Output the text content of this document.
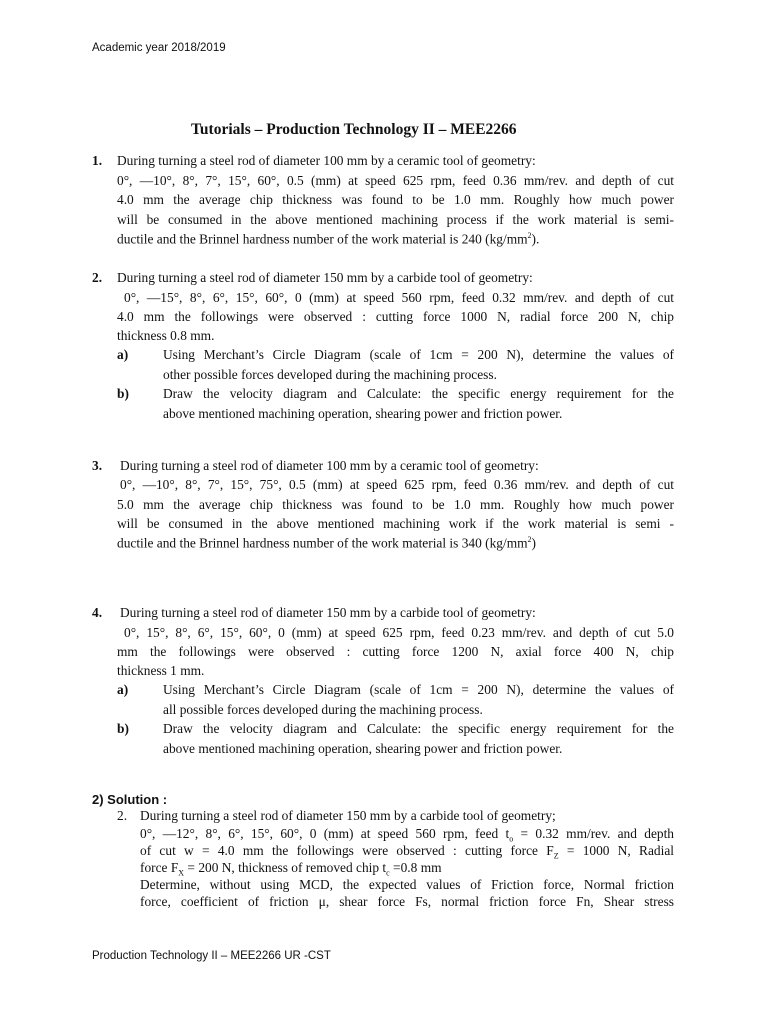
Academic year 2018/2019
Tutorials – Production Technology II – MEE2266
1. During turning a steel rod of diameter 100 mm by a ceramic tool of geometry:
0°, —10°, 8°, 7°, 15°, 60°, 0.5 (mm) at speed 625 rpm, feed 0.36 mm/rev. and depth of cut
4.0 mm the average chip thickness was found to be 1.0 mm. Roughly how much power
will be consumed in the above mentioned machining process if the work material is semi-
ductile and the Brinnel hardness number of the work material is 240 $(kg/mm^2)$.
2. During turning a steel rod of diameter 150 mm by a carbide tool of geometry:
0°, —15°, 8°, 6°, 15°, 60°, 0 (mm) at speed 560 rpm, feed 0.32 mm/rev. and depth of cut
4.0 mm the followings were observed : cutting force 1000 N, radial force 200 N, chip
thickness 0.8 mm.
a)	Using Merchant’s Circle Diagram (scale of 1cm = 200 N), determine the values of
other possible forces developed during the machining process.
b)	Draw the velocity diagram and Calculate: the specific energy requirement for the
above mentioned machining operation, shearing power and friction power.
3. During turning a steel rod of diameter 100 mm by a ceramic tool of geometry:
0°, —10°, 8°, 7°, 15°, 75°, 0.5 (mm) at speed 625 rpm, feed 0.36 mm/rev. and depth of cut
5.0 mm the average chip thickness was found to be 1.0 mm. Roughly how much power
will be consumed in the above mentioned machining work if the work material is semi -
ductile and the Brinnel hardness number of the work material is 340 $(kg/mm^2)$
4. During turning a steel rod of diameter 150 mm by a carbide tool of geometry:
0°, 15°, 8°, 6°, 15°, 60°, 0 (mm) at speed 625 rpm, feed 0.23 mm/rev. and depth of cut 5.0
mm the followings were observed : cutting force 1200 N, axial force 400 N, chip
thickness 1 mm.
a)	Using Merchant’s Circle Diagram (scale of 1cm = 200 N), determine the values of
all possible forces developed during the machining process.
b)	Draw the velocity diagram and Calculate: the specific energy requirement for the
above mentioned machining operation, shearing power and friction power.
2) Solution :
2. During turning a steel rod of diameter 150 mm by a carbide tool of geometry;
0°, —12°, 8°, 6°, 15°, 60°, 0 (mm) at speed 560 rpm, feed $t_o = 0.32$ mm/rev. and depth
of cut w = 4.0 mm the followings were observed : cutting force $F_Z = 1000$ N, Radial
force $F_X = 200$ N, thickness of removed chip $t_c =0.8$ mm
Determine, without using MCD, the expected values of Friction force, Normal friction
force, coefficient of friction μ, shear force Fs, normal friction force Fn, Shear stress
Production Technology II – MEE2266 UR -CST
